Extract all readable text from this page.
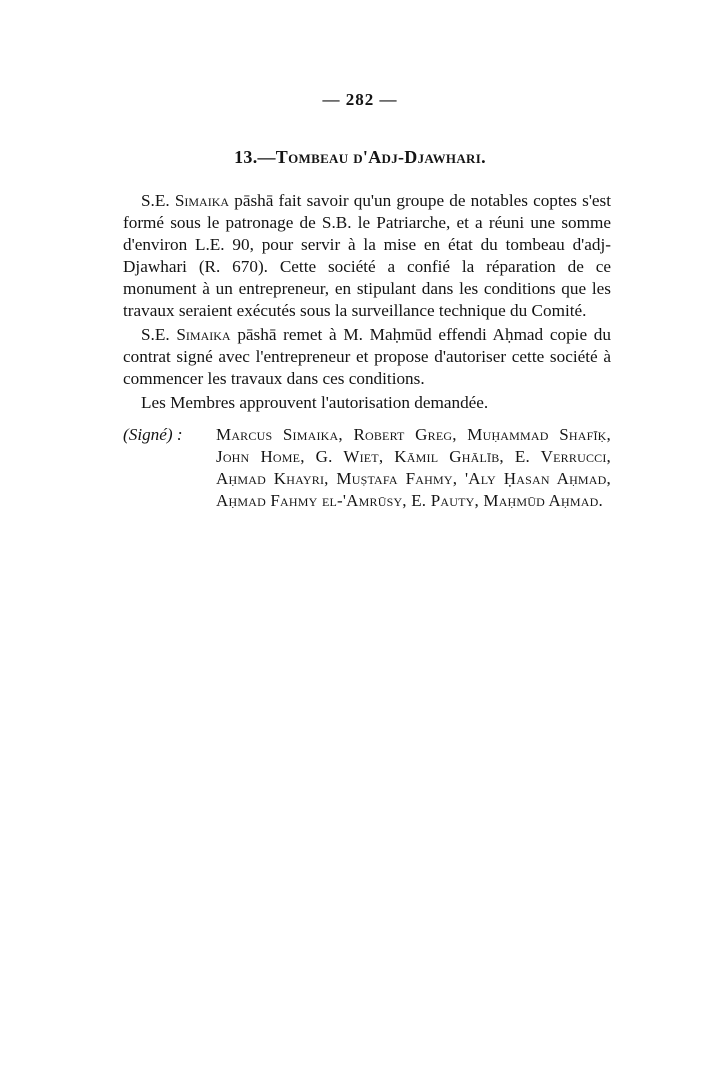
— 282 —
13.—Tombeau d'Adj-Djawhari.

S.E. Simaika pāshā fait savoir qu'un groupe de notables coptes s'est formé sous le patronage de S.B. le Patriarche, et a réuni une somme d'environ L.E. 90, pour servir à la mise en état du tombeau d'adj-Djawhari (R. 670). Cette société a confié la réparation de ce monument à un entrepreneur, en stipulant dans les conditions que les travaux seraient exécutés sous la surveillance technique du Comité.

S.E. Simaika pāshā remet à M. Maḥmūd effendi Aḥmad copie du contrat signé avec l'entrepreneur et propose d'autoriser cette société à commencer les travaux dans ces conditions.

Les Membres approuvent l'autorisation demandée.

(Signé) :	Marcus Simaika, Robert Greg, Muḥammad Shafīḳ, John Home, G. Wiet, Kāmil Ghālīb, E. Verrucci, Aḥmad Khayri, Muṣtafa Fahmy, 'Aly Ḥasan Aḥmad, Aḥmad Fahmy el-'Amrūsy, E. Pauty, Maḥmūd Aḥmad.
